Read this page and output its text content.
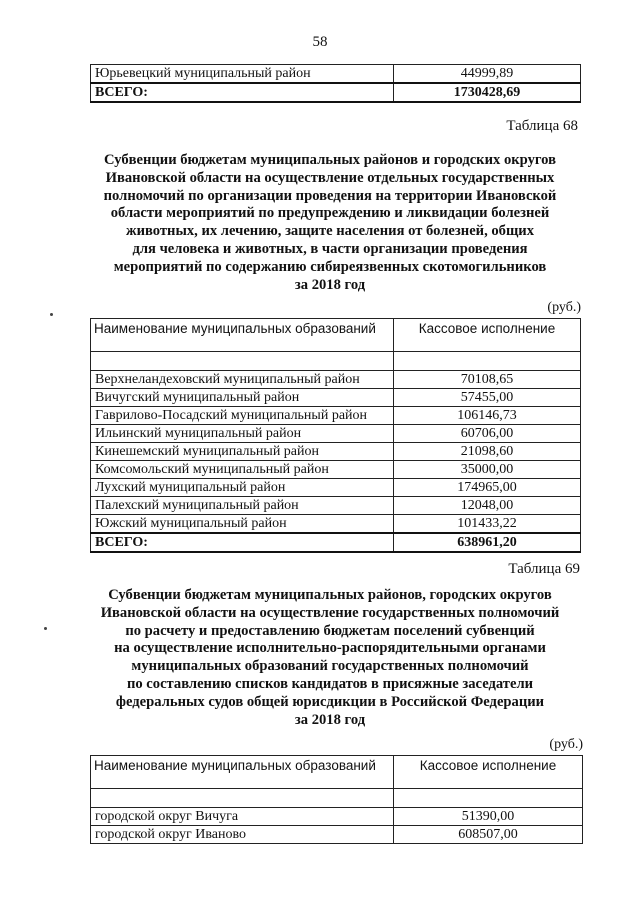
58
Юрьевецкий муниципальный район	44999,89
ВСЕГО:	1730428,69
Таблица 68
Субвенции бюджетам муниципальных районов и городских округов
Ивановской области на осуществление отдельных государственных
полномочий по организации проведения на территории Ивановской
области мероприятий по предупреждению и ликвидации болезней
животных, их лечению, защите населения от болезней, общих
для человека и животных, в части организации проведения
мероприятий по содержанию сибиреязвенных скотомогильников
за 2018 год
(руб.)
Наименование муниципальных образований	Кассовое исполнение

Верхнеландеховский муниципальный район	70108,65
Вичугский муниципальный район	57455,00
Гаврилово-Посадский муниципальный район	106146,73
Ильинский муниципальный район	60706,00
Кинешемский муниципальный район	21098,60
Комсомольский муниципальный район	35000,00
Лухский муниципальный район	174965,00
Палехский муниципальный район	12048,00
Южский муниципальный район	101433,22
ВСЕГО:	638961,20
Таблица 69
Субвенции бюджетам муниципальных районов, городских округов
Ивановской области на осуществление государственных полномочий
по расчету и предоставлению бюджетам поселений субвенций
на осуществление исполнительно-распорядительными органами
муниципальных образований государственных полномочий
по составлению списков кандидатов в присяжные заседатели
федеральных судов общей юрисдикции в Российской Федерации
за 2018 год
(руб.)
Наименование муниципальных образований	Кассовое исполнение

городской округ Вичуга	51390,00
городской округ Иваново	608507,00
